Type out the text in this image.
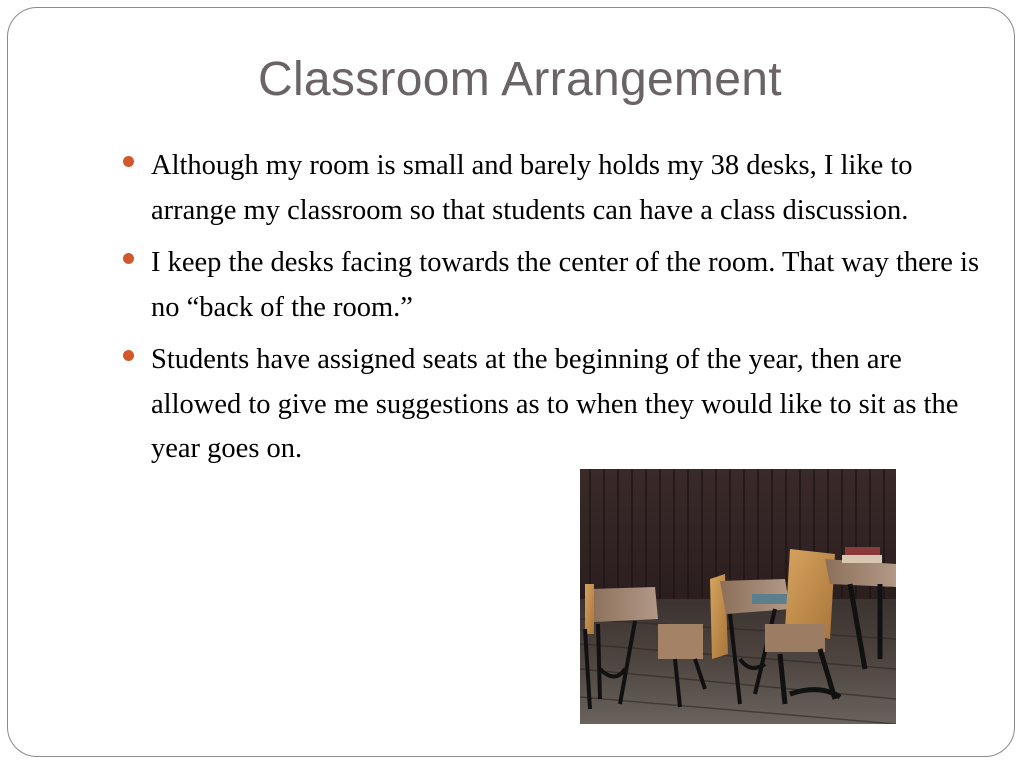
Classroom Arrangement
Although my room is small and barely holds my 38 desks, I like to arrange my classroom so that students can have a class discussion.
I keep the desks facing towards the center of the room. That way there is no “back of the room.”
Students have assigned seats at the beginning of the year, then are allowed to give me suggestions as to when they would like to sit as the year goes on.
